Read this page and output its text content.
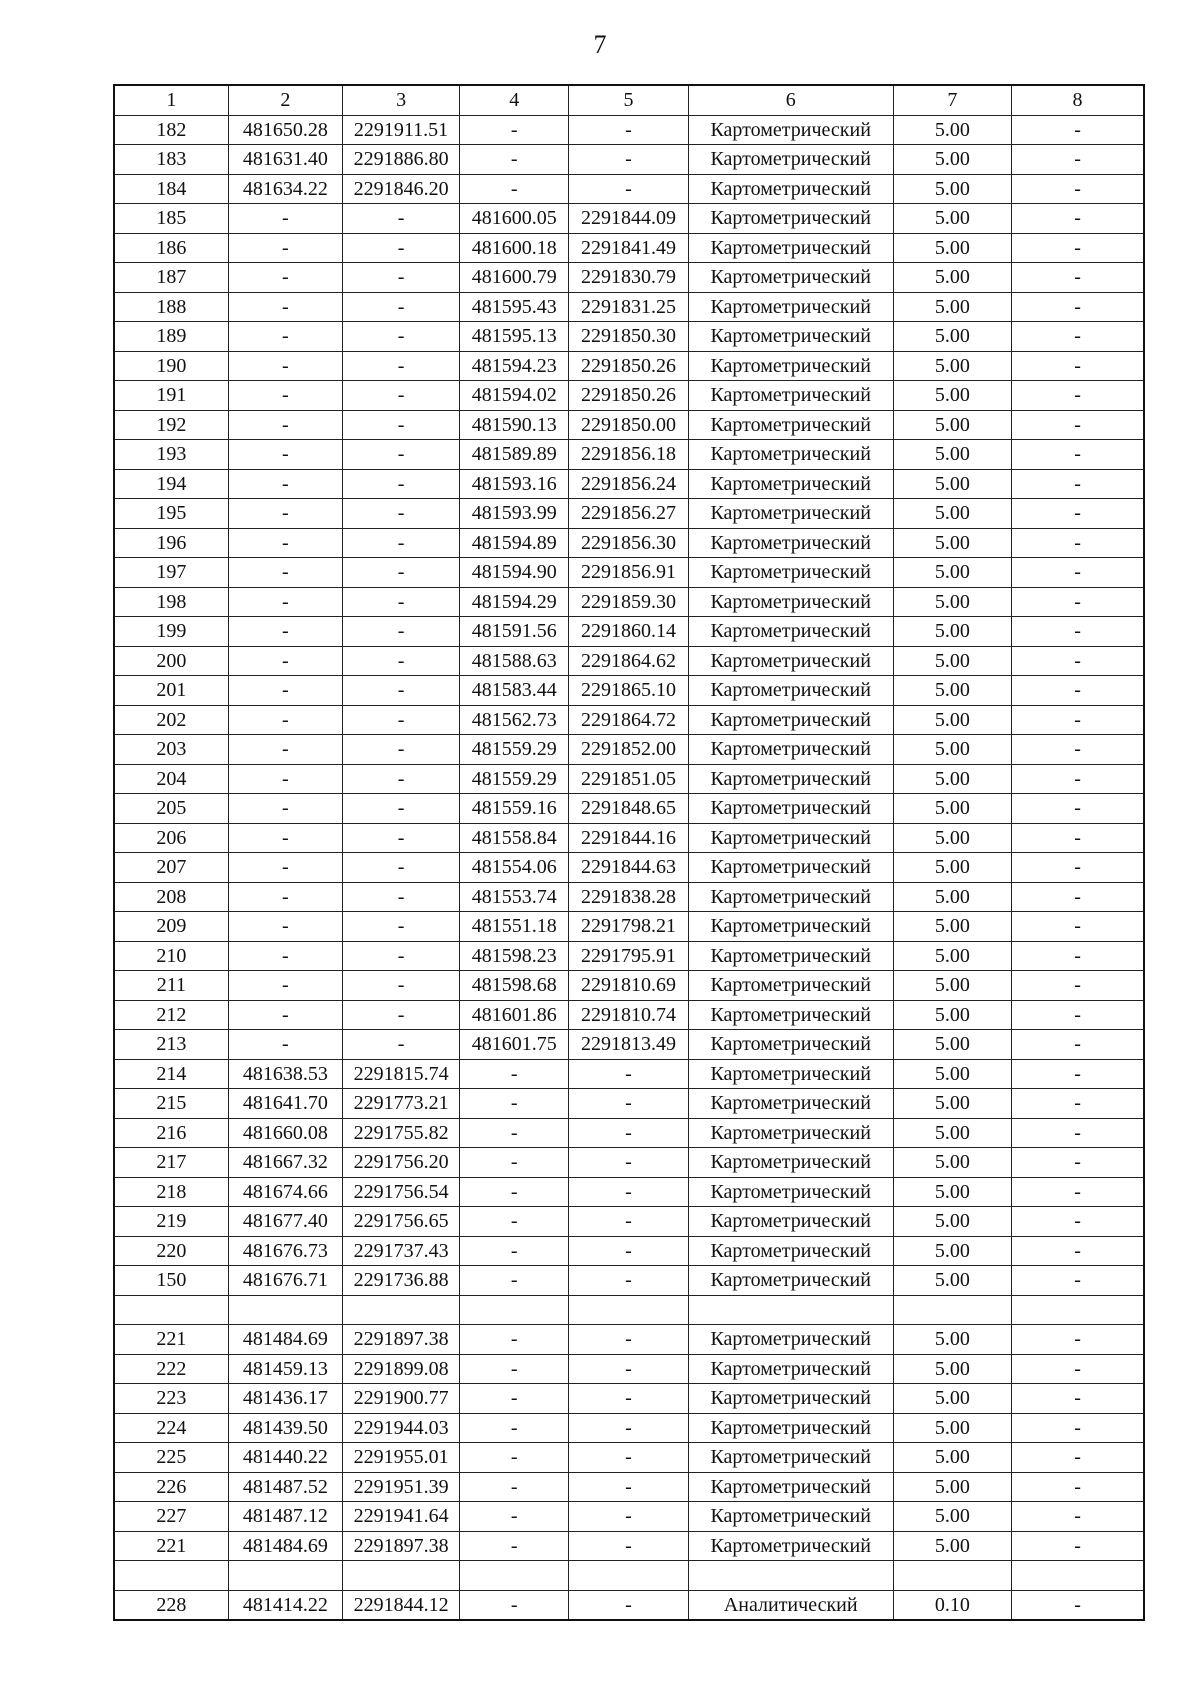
7
1	2	3	4	5	6	7	8
182	481650.28	2291911.51	-	-	Картометрический	5.00	-
183	481631.40	2291886.80	-	-	Картометрический	5.00	-
184	481634.22	2291846.20	-	-	Картометрический	5.00	-
185	-	-	481600.05	2291844.09	Картометрический	5.00	-
186	-	-	481600.18	2291841.49	Картометрический	5.00	-
187	-	-	481600.79	2291830.79	Картометрический	5.00	-
188	-	-	481595.43	2291831.25	Картометрический	5.00	-
189	-	-	481595.13	2291850.30	Картометрический	5.00	-
190	-	-	481594.23	2291850.26	Картометрический	5.00	-
191	-	-	481594.02	2291850.26	Картометрический	5.00	-
192	-	-	481590.13	2291850.00	Картометрический	5.00	-
193	-	-	481589.89	2291856.18	Картометрический	5.00	-
194	-	-	481593.16	2291856.24	Картометрический	5.00	-
195	-	-	481593.99	2291856.27	Картометрический	5.00	-
196	-	-	481594.89	2291856.30	Картометрический	5.00	-
197	-	-	481594.90	2291856.91	Картометрический	5.00	-
198	-	-	481594.29	2291859.30	Картометрический	5.00	-
199	-	-	481591.56	2291860.14	Картометрический	5.00	-
200	-	-	481588.63	2291864.62	Картометрический	5.00	-
201	-	-	481583.44	2291865.10	Картометрический	5.00	-
202	-	-	481562.73	2291864.72	Картометрический	5.00	-
203	-	-	481559.29	2291852.00	Картометрический	5.00	-
204	-	-	481559.29	2291851.05	Картометрический	5.00	-
205	-	-	481559.16	2291848.65	Картометрический	5.00	-
206	-	-	481558.84	2291844.16	Картометрический	5.00	-
207	-	-	481554.06	2291844.63	Картометрический	5.00	-
208	-	-	481553.74	2291838.28	Картометрический	5.00	-
209	-	-	481551.18	2291798.21	Картометрический	5.00	-
210	-	-	481598.23	2291795.91	Картометрический	5.00	-
211	-	-	481598.68	2291810.69	Картометрический	5.00	-
212	-	-	481601.86	2291810.74	Картометрический	5.00	-
213	-	-	481601.75	2291813.49	Картометрический	5.00	-
214	481638.53	2291815.74	-	-	Картометрический	5.00	-
215	481641.70	2291773.21	-	-	Картометрический	5.00	-
216	481660.08	2291755.82	-	-	Картометрический	5.00	-
217	481667.32	2291756.20	-	-	Картометрический	5.00	-
218	481674.66	2291756.54	-	-	Картометрический	5.00	-
219	481677.40	2291756.65	-	-	Картометрический	5.00	-
220	481676.73	2291737.43	-	-	Картометрический	5.00	-
150	481676.71	2291736.88	-	-	Картометрический	5.00	-

221	481484.69	2291897.38	-	-	Картометрический	5.00	-
222	481459.13	2291899.08	-	-	Картометрический	5.00	-
223	481436.17	2291900.77	-	-	Картометрический	5.00	-
224	481439.50	2291944.03	-	-	Картометрический	5.00	-
225	481440.22	2291955.01	-	-	Картометрический	5.00	-
226	481487.52	2291951.39	-	-	Картометрический	5.00	-
227	481487.12	2291941.64	-	-	Картометрический	5.00	-
221	481484.69	2291897.38	-	-	Картометрический	5.00	-

228	481414.22	2291844.12	-	-	Аналитический	0.10	-
